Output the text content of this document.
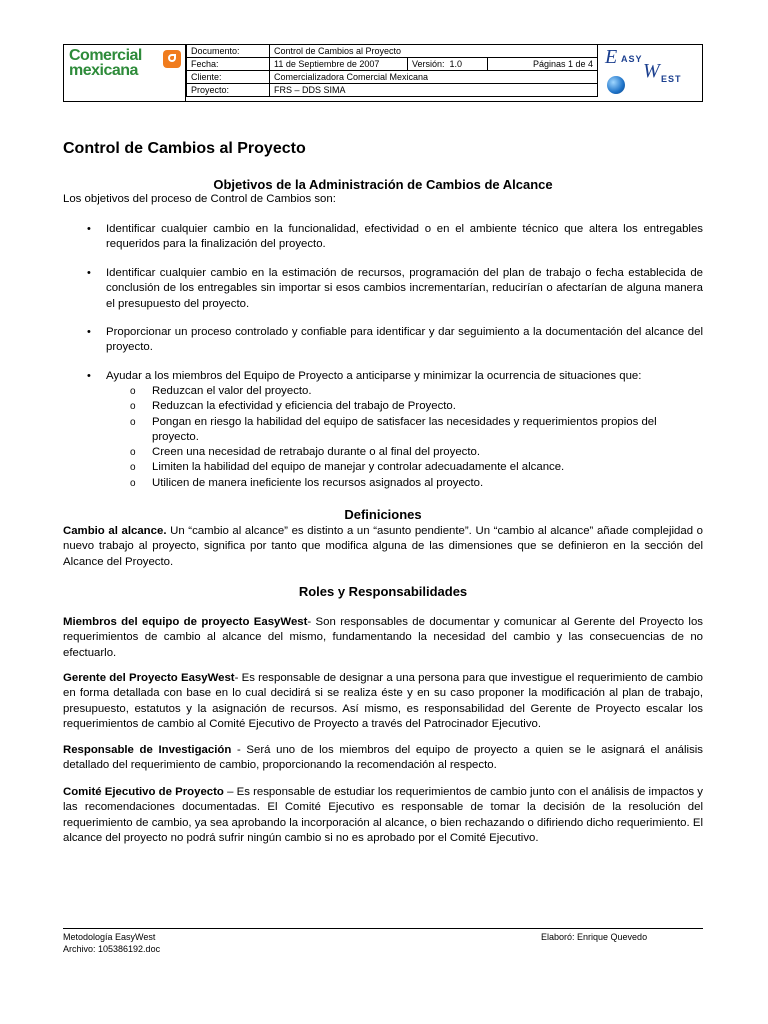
Comercial mexicana
Documento:	Control de Cambios al Proyecto		
Fecha:	11 de Septiembre de 2007	Versión: 1.0	Páginas 1 de 4
Cliente:	Comercializadora Comercial Mexicana		
Proyecto:	FRS – DDS SIMA		
E ASY
W EST
Control de Cambios al Proyecto
Objetivos de la Administración de Cambios de Alcance
Los objetivos del proceso de Control de Cambios son:
• Identificar cualquier cambio en la funcionalidad, efectividad o en el ambiente técnico que altera los entregables requeridos para la finalización del proyecto.
• Identificar cualquier cambio en la estimación de recursos, programación del plan de trabajo o fecha establecida de conclusión de los entregables sin importar si esos cambios incrementarían, reducirían o afectarían de alguna manera el presupuesto del proyecto.
• Proporcionar un proceso controlado y confiable para identificar y dar seguimiento a la documentación del alcance del proyecto.
• Ayudar a los miembros del Equipo de Proyecto a anticiparse y minimizar la ocurrencia de situaciones que:
o Reduzcan el valor del proyecto.
o Reduzcan la efectividad y eficiencia del trabajo de Proyecto.
o Pongan en riesgo la habilidad del equipo de satisfacer las necesidades y requerimientos propios del proyecto.
o Creen una necesidad de retrabajo durante o al final del proyecto.
o Limiten la habilidad del equipo de manejar y controlar adecuadamente el alcance.
o Utilicen de manera ineficiente los recursos asignados al proyecto.
Definiciones
Cambio al alcance. Un “cambio al alcance” es distinto a un “asunto pendiente”. Un “cambio al alcance” añade complejidad o nuevo trabajo al proyecto, significa por tanto que modifica alguna de las dimensiones que se definieron en la sección del Alcance del Proyecto.
Roles y Responsabilidades
Miembros del equipo de proyecto EasyWest- Son responsables de documentar y comunicar al Gerente del Proyecto los requerimientos de cambio al alcance del mismo, fundamentando la necesidad del cambio y las consecuencias de no efectuarlo.
Gerente del Proyecto EasyWest- Es responsable de designar a una persona para que investigue el requerimiento de cambio en forma detallada con base en lo cual decidirá si se realiza éste y en su caso proponer la modificación al plan de trabajo, presupuesto, estatutos y la asignación de recursos. Así mismo, es responsabilidad del Gerente de Proyecto escalar los requerimientos de cambio al Comité Ejecutivo de Proyecto a través del Patrocinador Ejecutivo.
Responsable de Investigación - Será uno de los miembros del equipo de proyecto a quien se le asignará el análisis detallado del requerimiento de cambio, proporcionando la recomendación al respecto.
Comité Ejecutivo de Proyecto – Es responsable de estudiar los requerimientos de cambio junto con el análisis de impactos y las recomendaciones documentadas. El Comité Ejecutivo es responsable de tomar la decisión de la resolución del requerimiento de cambio, ya sea aprobando la incorporación al alcance, o bien rechazando o difiriendo dicho requerimiento. El alcance del proyecto no podrá sufrir ningún cambio si no es aprobado por el Comité Ejecutivo.
Metodología EasyWest
Archivo: 105386192.doc
Elaboró: Enrique Quevedo
